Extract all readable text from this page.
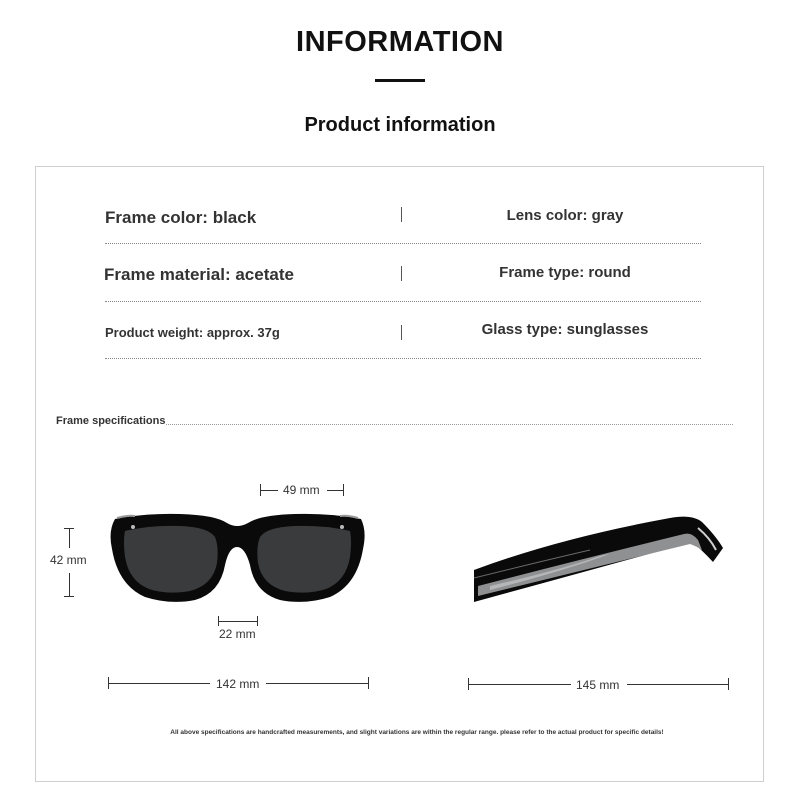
INFORMATION
Product information
Frame color: black	Lens color: gray
Frame material: acetate	Frame type: round
Product weight: approx. 37g	Glass type: sunglasses
Frame specifications
49 mm
42 mm
22 mm
142 mm	145 mm
All above specifications are handcrafted measurements, and slight variations are within the regular range. please refer to the actual product for specific details!
